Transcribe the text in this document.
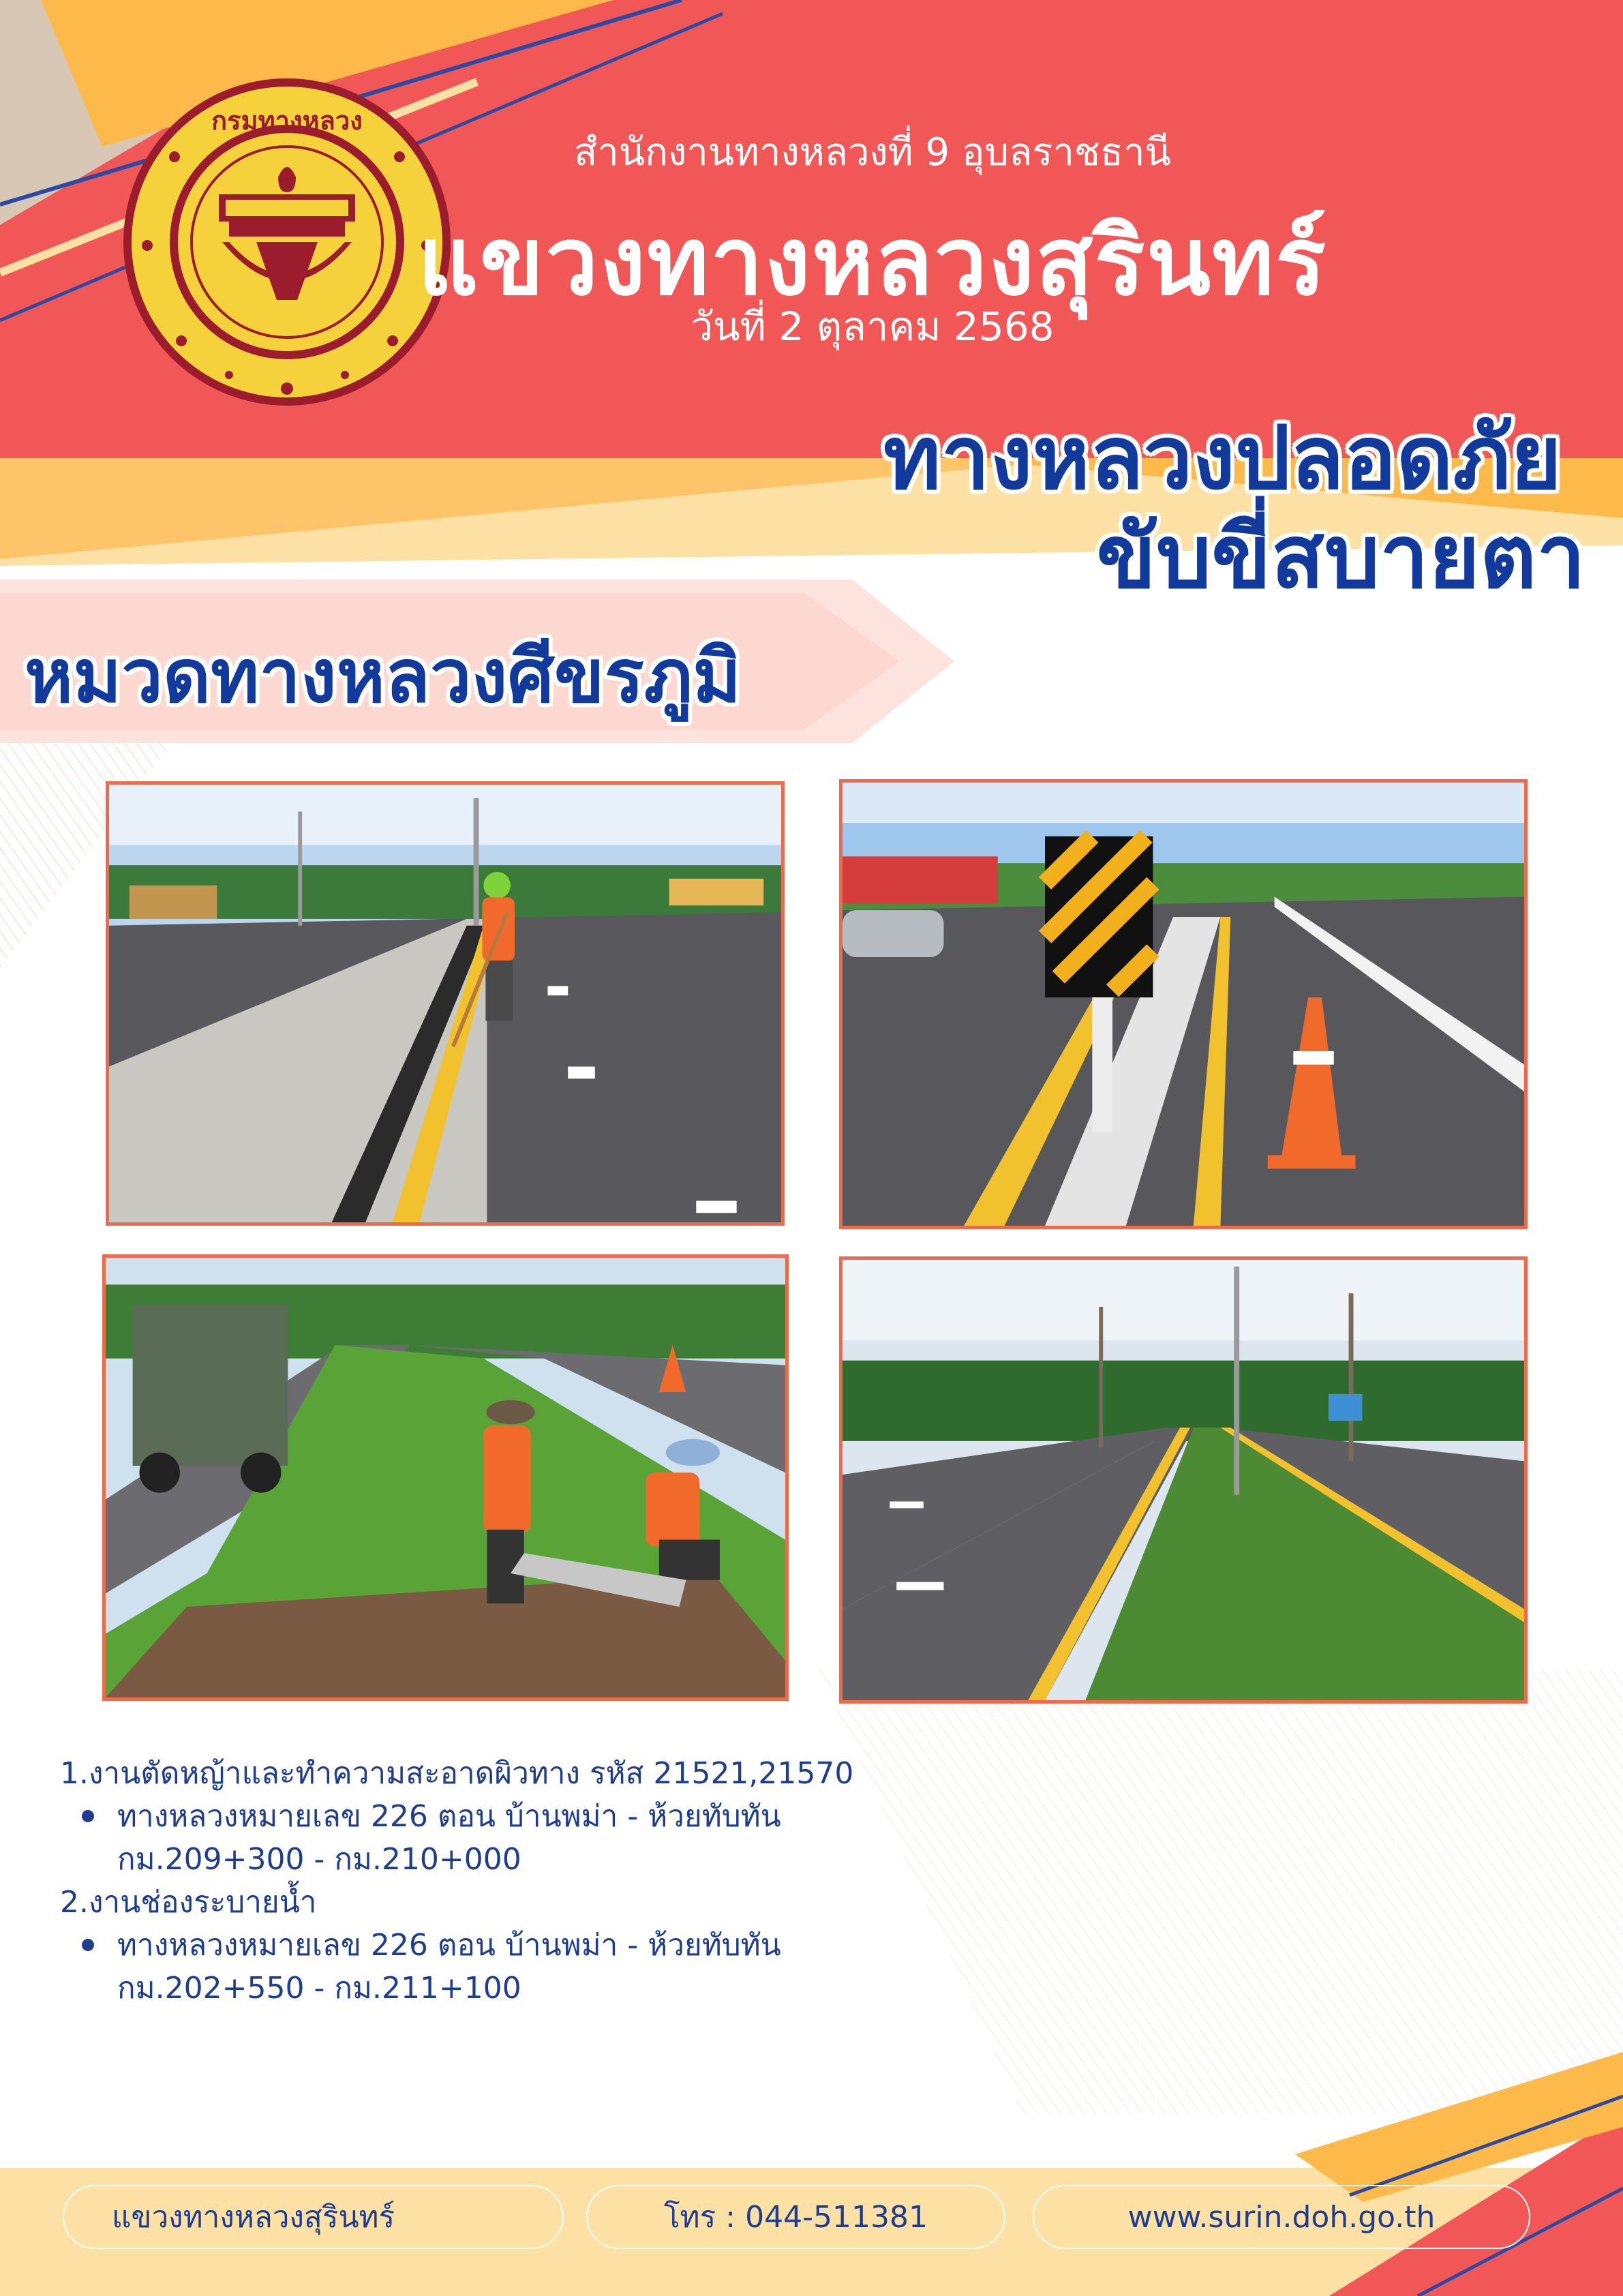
กรมทางหลวง
สำนักงานทางหลวงที่ 9 อุบลราชธานี
แขวงทางหลวงสุรินทร์
วันที่ 2 ตุลาคม 2568
ทางหลวงปลอดภัย
ขับขี่สบายตา
หมวดทางหลวงศีขรภูมิ
1.งานตัดหญ้าและทำความสะอาดผิวทาง รหัส 21521,21570
ทางหลวงหมายเลข 226 ตอน บ้านพม่า - ห้วยทับทัน
กม.209+300 - กม.210+000
2.งานช่องระบายน้ำ
ทางหลวงหมายเลข 226 ตอน บ้านพม่า - ห้วยทับทัน
กม.202+550 - กม.211+100
แขวงทางหลวงสุรินทร์	โทร : 044-511381	www.surin.doh.go.th
